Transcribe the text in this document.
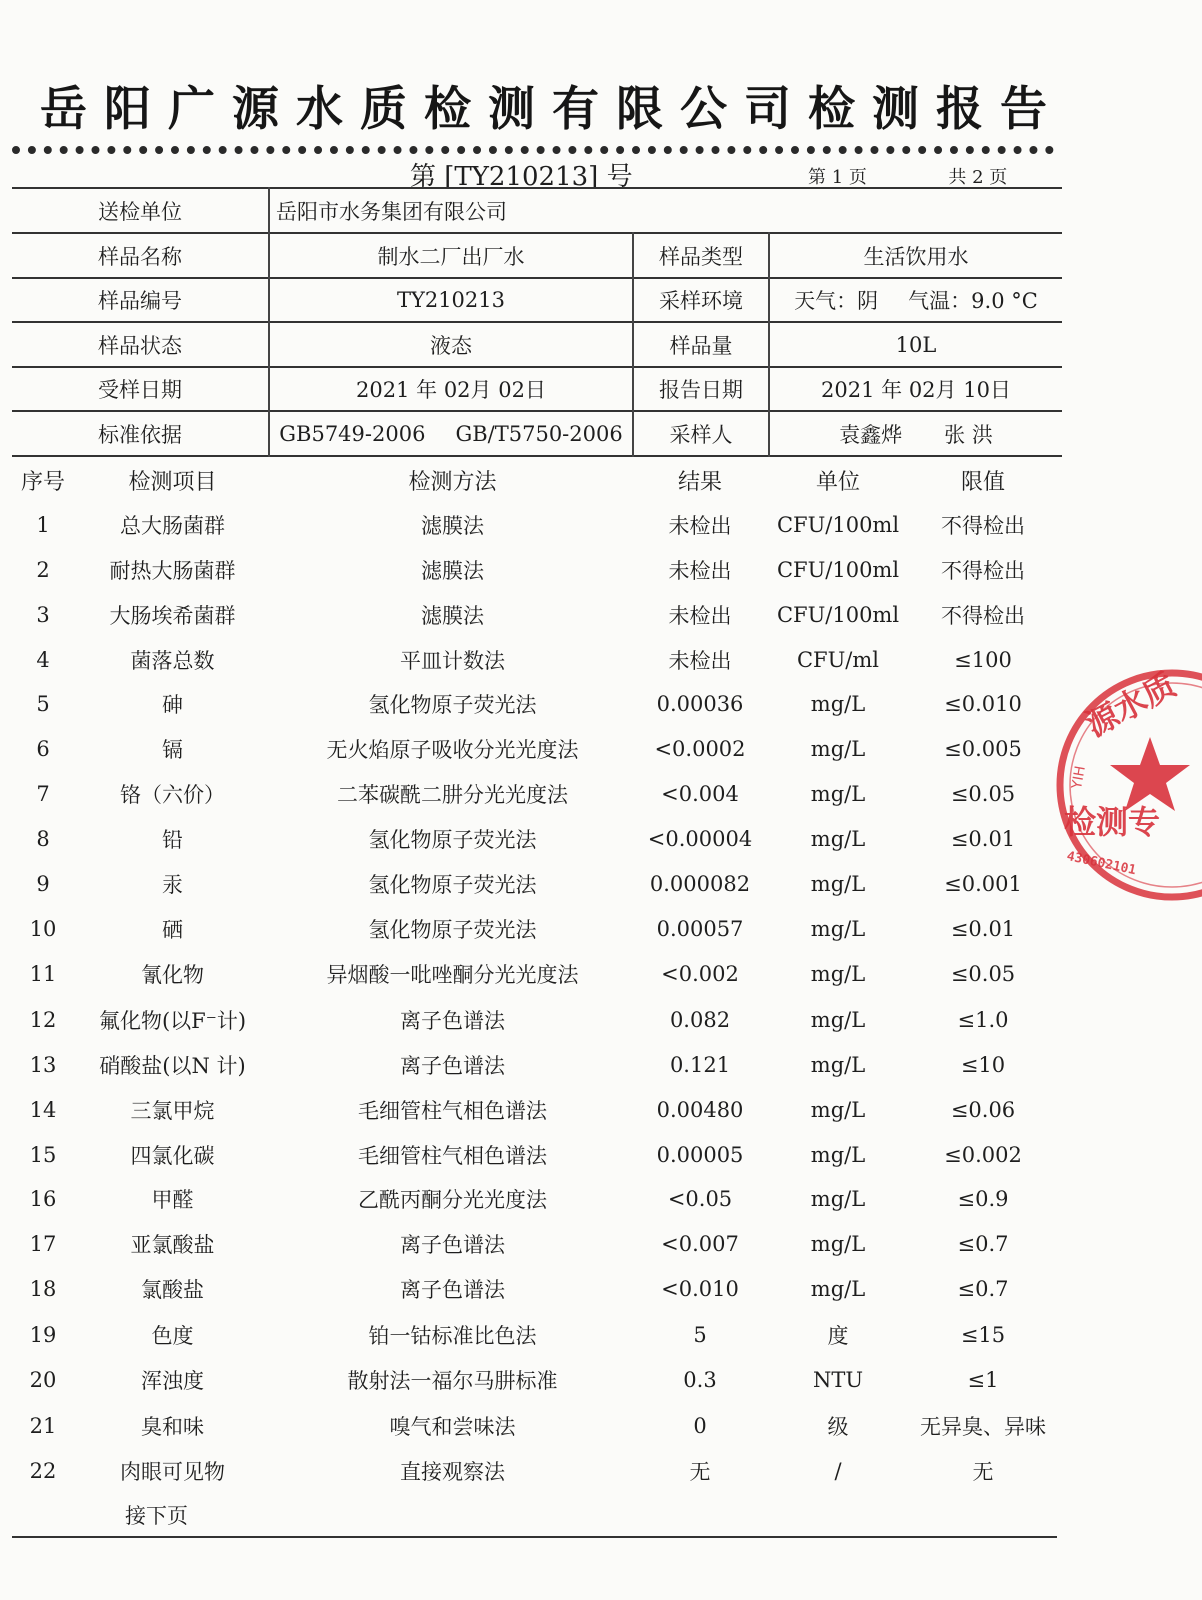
岳阳广源水质检测有限公司检测报告
第 [TY210213] 号	第 1 页	共 2 页
送检单位	岳阳市水务集团有限公司
样品名称	制水二厂出厂水	样品类型	生活饮用水
样品编号	TY210213	采样环境	天气：阴 气温：9.0 °C
样品状态	液态	样品量	10L
受样日期	2021 年 02月 02日	报告日期	2021 年 02月 10日
标准依据	GB5749-2006 GB/T5750-2006	采样人	袁鑫烨 张 洪
序号	检测项目	检测方法	结果	单位	限值
1	总大肠菌群	滤膜法	未检出	CFU/100ml	不得检出
2	耐热大肠菌群	滤膜法	未检出	CFU/100ml	不得检出
3	大肠埃希菌群	滤膜法	未检出	CFU/100ml	不得检出
4	菌落总数	平皿计数法	未检出	CFU/ml	≤100
5	砷	氢化物原子荧光法	0.00036	mg/L	≤0.010
6	镉	无火焰原子吸收分光光度法	<0.0002	mg/L	≤0.005
7	铬（六价）	二苯碳酰二肼分光光度法	<0.004	mg/L	≤0.05
8	铅	氢化物原子荧光法	<0.00004	mg/L	≤0.01
9	汞	氢化物原子荧光法	0.000082	mg/L	≤0.001
10	硒	氢化物原子荧光法	0.00057	mg/L	≤0.01
11	氰化物	异烟酸一吡唑酮分光光度法	<0.002	mg/L	≤0.05
12	氟化物(以F⁻计)	离子色谱法	0.082	mg/L	≤1.0
13	硝酸盐(以N 计)	离子色谱法	0.121	mg/L	≤10
14	三氯甲烷	毛细管柱气相色谱法	0.00480	mg/L	≤0.06
15	四氯化碳	毛细管柱气相色谱法	0.00005	mg/L	≤0.002
16	甲醛	乙酰丙酮分光光度法	<0.05	mg/L	≤0.9
17	亚氯酸盐	离子色谱法	<0.007	mg/L	≤0.7
18	氯酸盐	离子色谱法	<0.010	mg/L	≤0.7
19	色度	铂一钴标准比色法	5	度	≤15
20	浑浊度	散射法一福尔马肼标准	0.3	NTU	≤1
21	臭和味	嗅气和尝味法	0	级	无异臭、异味
22	肉眼可见物	直接观察法	无	/	无
接下页
源水质
检测专
YIH
430602101
